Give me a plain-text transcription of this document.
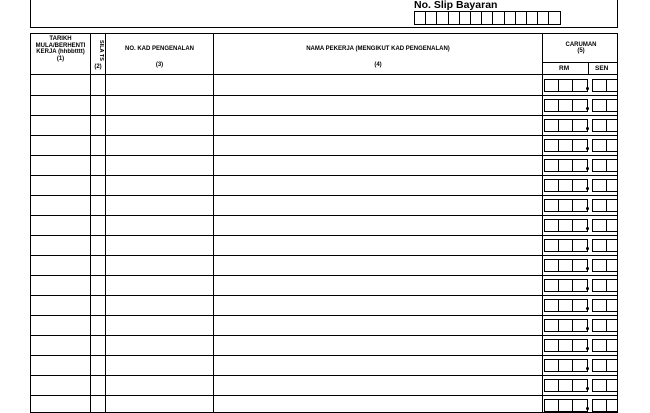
No. Slip Bayaran
TARIKH MULA/BERHENTI KERJA (hhbbtttt)
(1)	SILA TS
(2)
NO. KAD PENGENALAN
(3)
NAMA PEKERJA (MENGIKUT KAD PENGENALAN)
(4)
CARUMAN
(5)
RM	SEN
